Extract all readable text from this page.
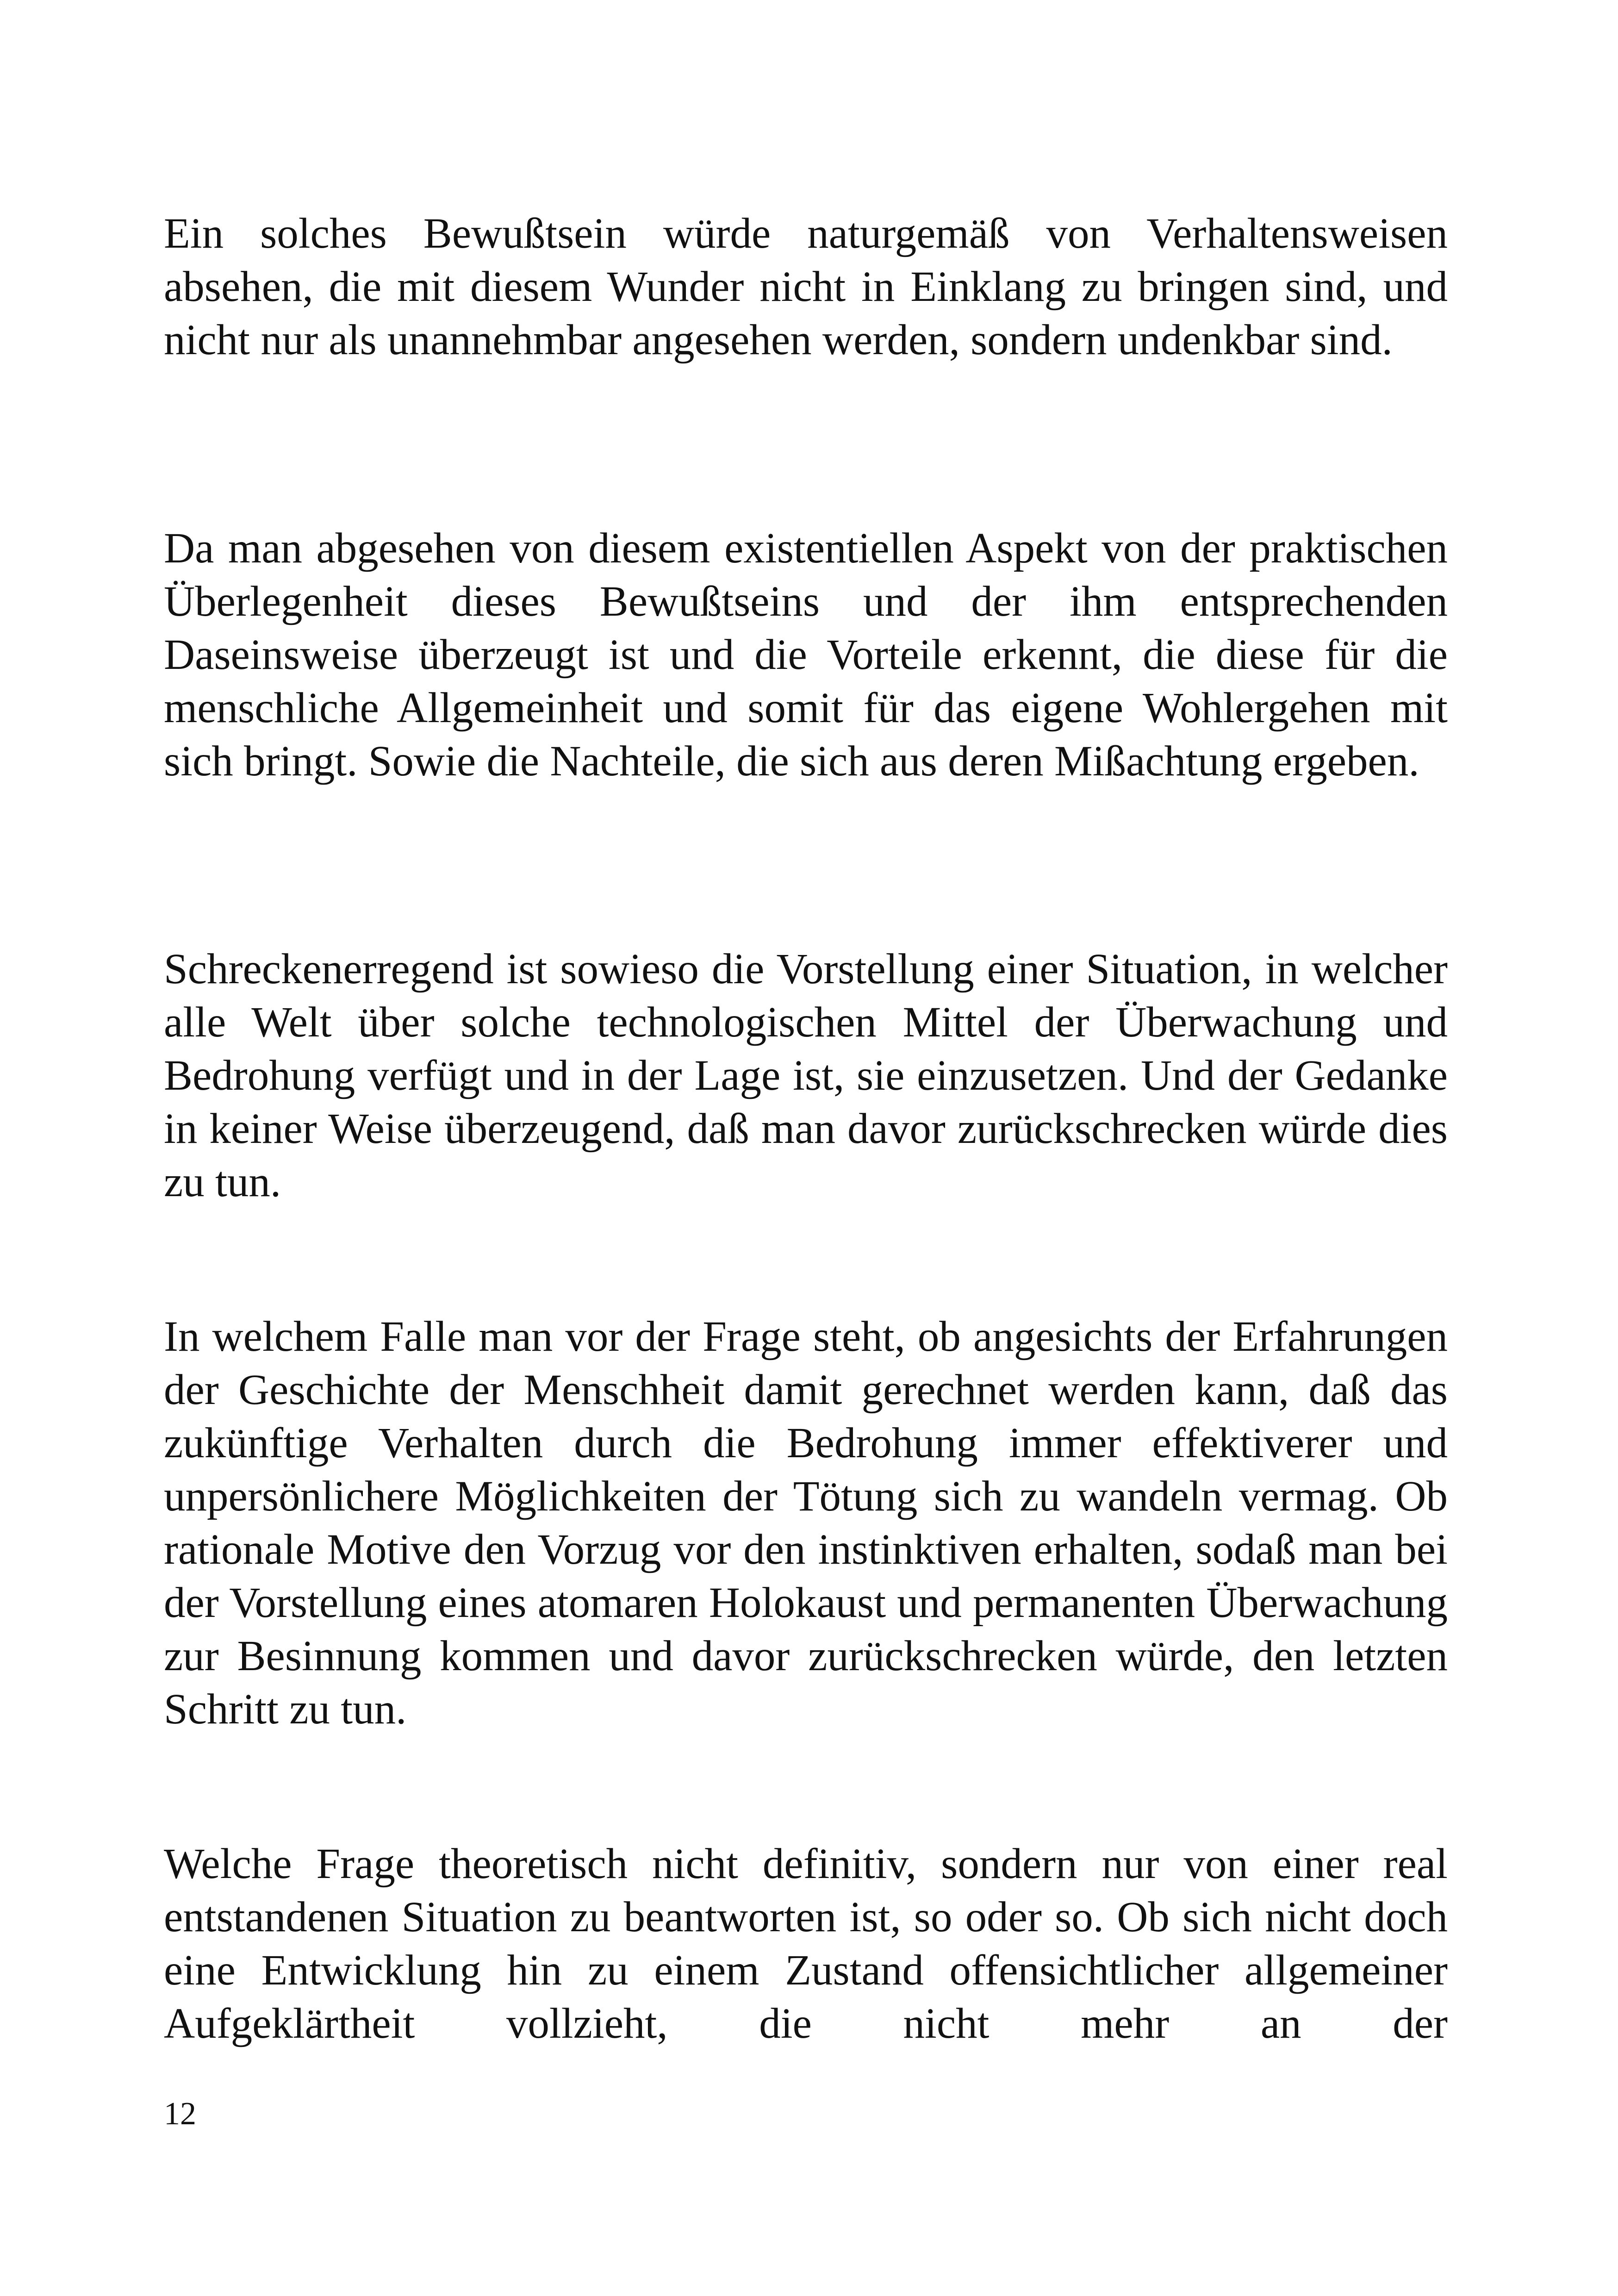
Ein solches Bewußtsein würde naturgemäß von Verhaltensweisen absehen, die mit diesem Wunder nicht in Einklang zu bringen sind, und nicht nur als unannehmbar angesehen werden, sondern undenkbar sind.

Da man abgesehen von diesem existentiellen Aspekt von der praktischen Überlegenheit dieses Bewußtseins und der ihm entsprechenden Daseinsweise überzeugt ist und die Vorteile erkennt, die diese für die menschliche Allgemeinheit und somit für das eigene Wohlergehen mit sich bringt. Sowie die Nachteile, die sich aus deren Mißachtung ergeben.

Schreckenerregend ist sowieso die Vorstellung einer Situation, in welcher alle Welt über solche technologischen Mittel der Überwachung und Bedrohung verfügt und in der Lage ist, sie einzusetzen. Und der Gedanke in keiner Weise überzeugend, daß man davor zurückschrecken würde dies zu tun.

In welchem Falle man vor der Frage steht, ob angesichts der Erfahrungen der Geschichte der Menschheit damit gerechnet werden kann, daß das zukünftige Verhalten durch die Bedrohung immer effektiverer und unpersönlichere Möglichkeiten der Tötung sich zu wandeln vermag. Ob rationale Motive den Vorzug vor den instinktiven erhalten, sodaß man bei der Vorstellung eines atomaren Holokaust und permanenten Überwachung zur Besinnung kommen und davor zurückschrecken würde, den letzten Schritt zu tun.

Welche Frage theoretisch nicht definitiv, sondern nur von einer real entstandenen Situation zu beantworten ist, so oder so. Ob sich nicht doch eine Entwicklung hin zu einem Zustand offensichtlicher allgemeiner Aufgeklärtheit vollzieht, die nicht mehr an der

12
